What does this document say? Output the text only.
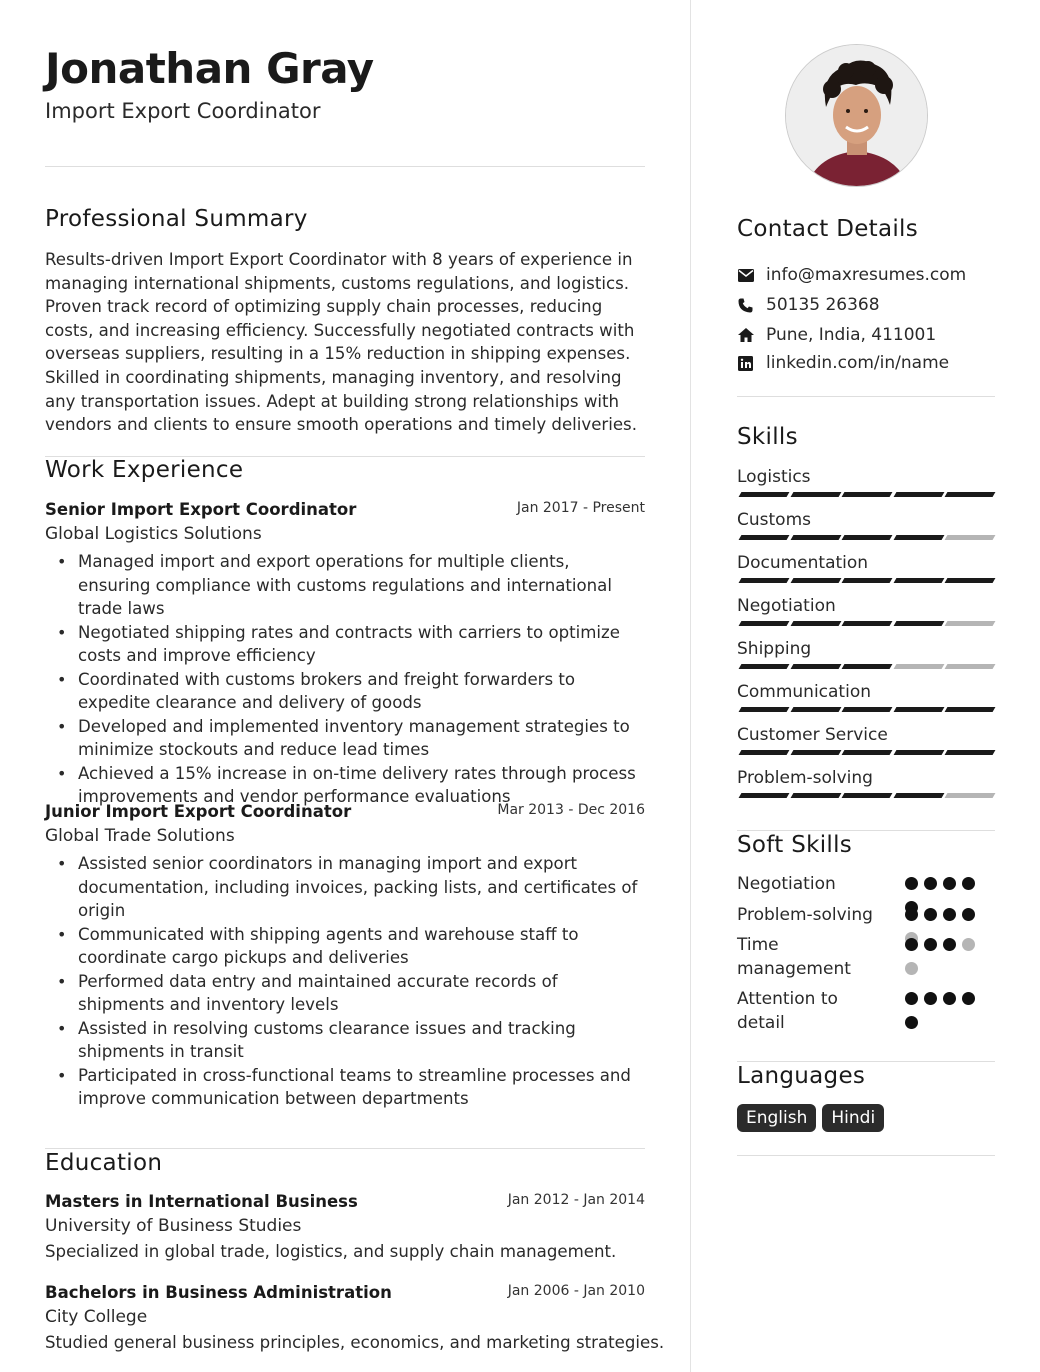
Jonathan Gray
Import Export Coordinator
Professional Summary
Results-driven Import Export Coordinator with 8 years of experience in managing international shipments, customs regulations, and logistics. Proven track record of optimizing supply chain processes, reducing costs, and increasing efficiency. Successfully negotiated contracts with overseas suppliers, resulting in a 15% reduction in shipping expenses. Skilled in coordinating shipments, managing inventory, and resolving any transportation issues. Adept at building strong relationships with vendors and clients to ensure smooth operations and timely deliveries.
Work Experience
Senior Import Export Coordinator	Jan 2017 - Present
Global Logistics Solutions
• Managed import and export operations for multiple clients, ensuring compliance with customs regulations and international trade laws
• Negotiated shipping rates and contracts with carriers to optimize costs and improve efficiency
• Coordinated with customs brokers and freight forwarders to expedite clearance and delivery of goods
• Developed and implemented inventory management strategies to minimize stockouts and reduce lead times
• Achieved a 15% increase in on-time delivery rates through process improvements and vendor performance evaluations
Junior Import Export Coordinator	Mar 2013 - Dec 2016
Global Trade Solutions
• Assisted senior coordinators in managing import and export documentation, including invoices, packing lists, and certificates of origin
• Communicated with shipping agents and warehouse staff to coordinate cargo pickups and deliveries
• Performed data entry and maintained accurate records of shipments and inventory levels
• Assisted in resolving customs clearance issues and tracking shipments in transit
• Participated in cross-functional teams to streamline processes and improve communication between departments
Education
Masters in International Business	Jan 2012 - Jan 2014
University of Business Studies
Specialized in global trade, logistics, and supply chain management.
Bachelors in Business Administration	Jan 2006 - Jan 2010
City College
Studied general business principles, economics, and marketing strategies.
Contact Details
info@maxresumes.com
50135 26368
Pune, India, 411001
linkedin.com/in/name
Skills
Logistics
Customs
Documentation
Negotiation
Shipping
Communication
Customer Service
Problem-solving
Soft Skills
Negotiation
Problem-solving
Time management
Attention to detail
Languages
English	Hindi
